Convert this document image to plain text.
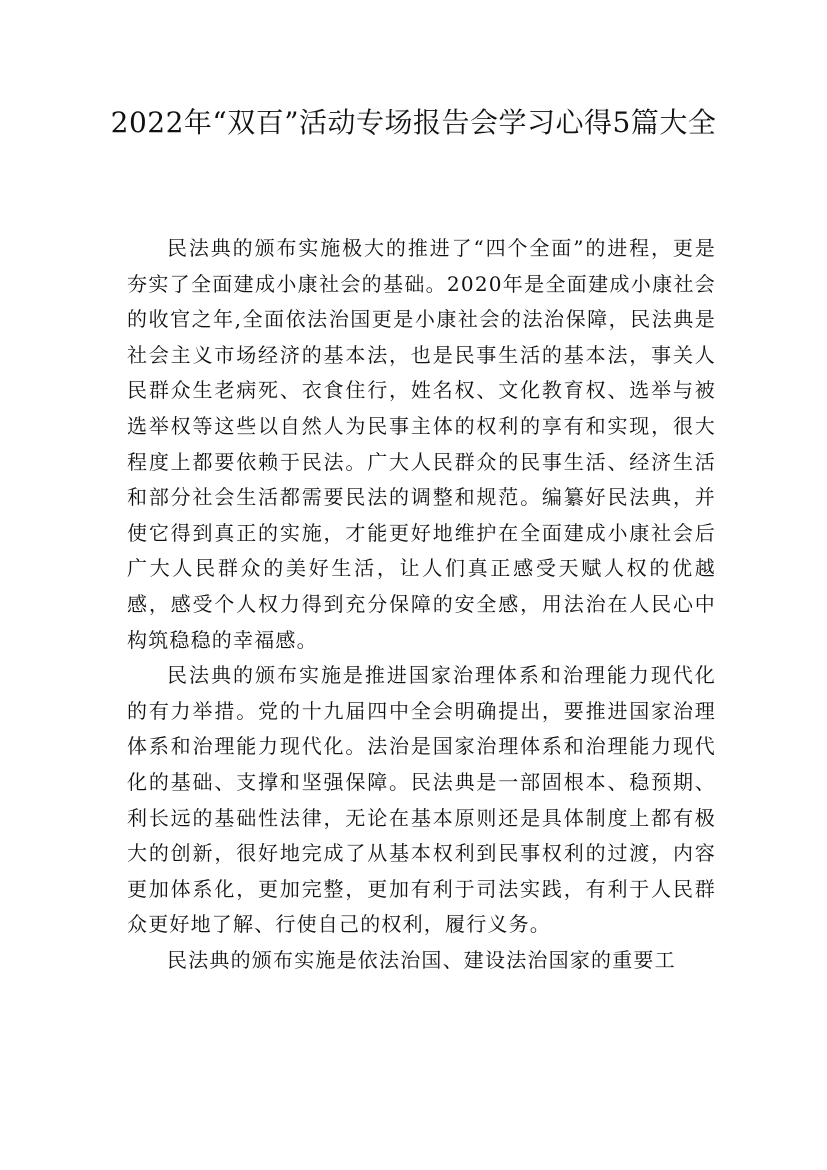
2022年“双百”活动专场报告会学习心得5篇大全

民法典的颁布实施极大的推进了“四个全面”的进程，更是夯实了全面建成小康社会的基础。2020年是全面建成小康社会的收官之年,全面依法治国更是小康社会的法治保障，民法典是社会主义市场经济的基本法，也是民事生活的基本法，事关人民群众生老病死、衣食住行，姓名权、文化教育权、选举与被选举权等这些以自然人为民事主体的权利的享有和实现，很大程度上都要依赖于民法。广大人民群众的民事生活、经济生活和部分社会生活都需要民法的调整和规范。编纂好民法典，并使它得到真正的实施，才能更好地维护在全面建成小康社会后广大人民群众的美好生活，让人们真正感受天赋人权的优越感，感受个人权力得到充分保障的安全感，用法治在人民心中构筑稳稳的幸福感。

民法典的颁布实施是推进国家治理体系和治理能力现代化的有力举措。党的十九届四中全会明确提出，要推进国家治理体系和治理能力现代化。法治是国家治理体系和治理能力现代化的基础、支撑和坚强保障。民法典是一部固根本、稳预期、利长远的基础性法律，无论在基本原则还是具体制度上都有极大的创新，很好地完成了从基本权利到民事权利的过渡，内容更加体系化，更加完整，更加有利于司法实践，有利于人民群众更好地了解、行使自己的权利，履行义务。

民法典的颁布实施是依法治国、建设法治国家的重要工
